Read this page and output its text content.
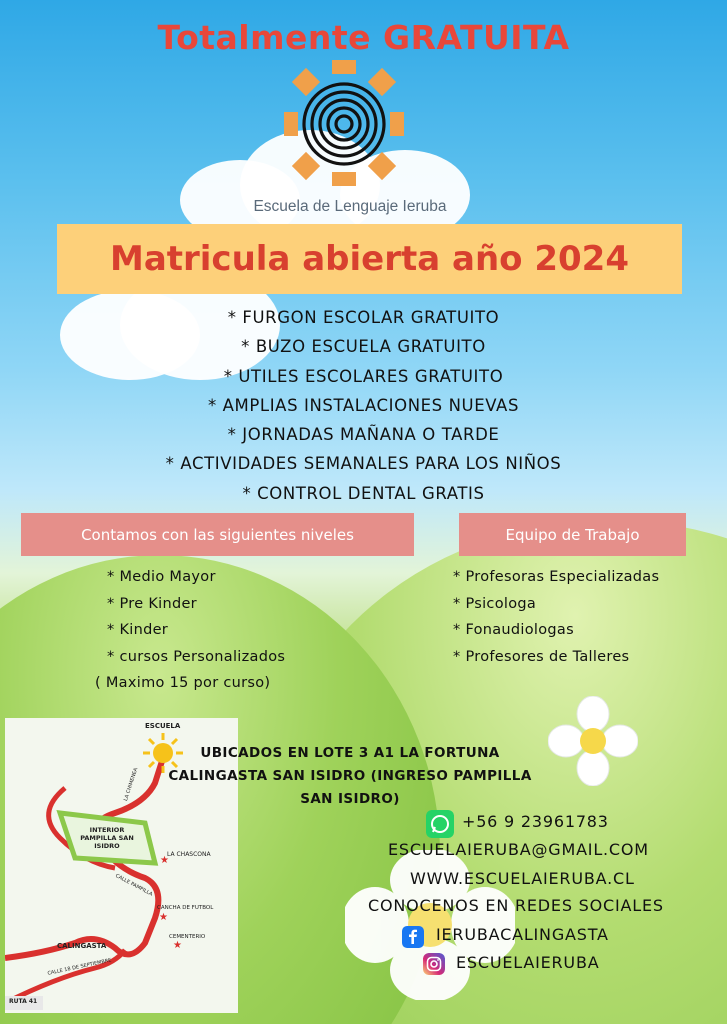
Totalmente GRATUITA
Escuela de Lenguaje Ieruba
Matricula abierta año 2024
* FURGON ESCOLAR GRATUITO
* BUZO ESCUELA GRATUITO
* UTILES ESCOLARES GRATUITO
* AMPLIAS INSTALACIONES NUEVAS
* JORNADAS MAÑANA O TARDE
* ACTIVIDADES SEMANALES PARA LOS NIÑOS
* CONTROL DENTAL GRATIS
Contamos con las siguientes niveles	Equipo de Trabajo
* Medio Mayor
* Pre Kinder
* Kinder
* cursos Personalizados
( Maximo 15 por curso)
* Profesoras Especializadas
* Psicologa
* Fonaudiologas
* Profesores de Talleres
★
★
★
ESCUELA
INTERIOR PAMPILLA SAN ISIDRO
LA CHIMENEA
LA CHASCONA
CALLE PAMPILLA
CANCHA DE FUTBOL
CEMENTERIO
CALINGASTA
CALLE 18 DE SEPTIEMBRE
RUTA 41
UBICADOS EN LOTE 3 A1 LA FORTUNA
CALINGASTA SAN ISIDRO (INGRESO PAMPILLA
SAN ISIDRO)
+56 9 23961783
ESCUELAIERUBA@GMAIL.COM
WWW.ESCUELAIERUBA.CL
CONOCENOS EN REDES SOCIALES
IERUBACALINGASTA
ESCUELAIERUBA
